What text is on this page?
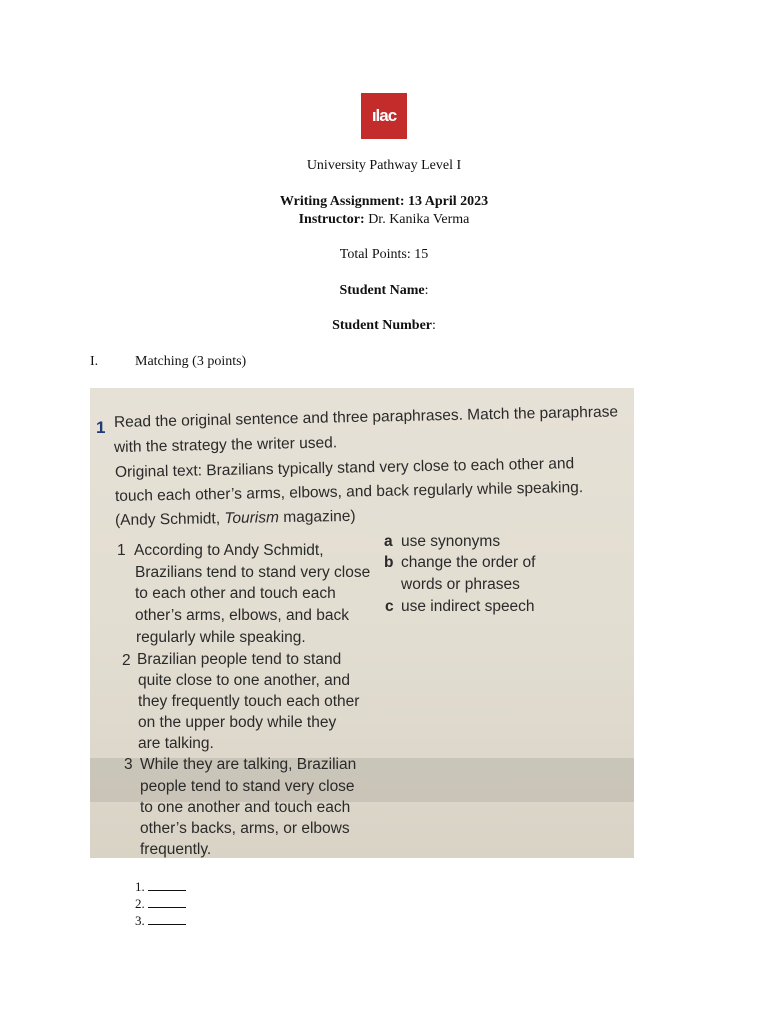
ılac
University Pathway Level I
Writing Assignment: 13 April 2023
Instructor: Dr. Kanika Verma
Total Points: 15
Student Name:
Student Number:
I.	Matching (3 points)
1 Read the original sentence and three paraphrases. Match the paraphrase
with the strategy the writer used.
Original text: Brazilians typically stand very close to each other and
touch each other’s arms, elbows, and back regularly while speaking.
(Andy Schmidt, Tourism magazine)
1 According to Andy Schmidt,
Brazilians tend to stand very close
to each other and touch each
other’s arms, elbows, and back
regularly while speaking.
2 Brazilian people tend to stand
quite close to one another, and
they frequently touch each other
on the upper body while they
are talking.
3 While they are talking, Brazilian
people tend to stand very close
to one another and touch each
other’s backs, arms, or elbows
frequently.
a use synonyms
b change the order of
words or phrases
c use indirect speech
1.
2.
3.
